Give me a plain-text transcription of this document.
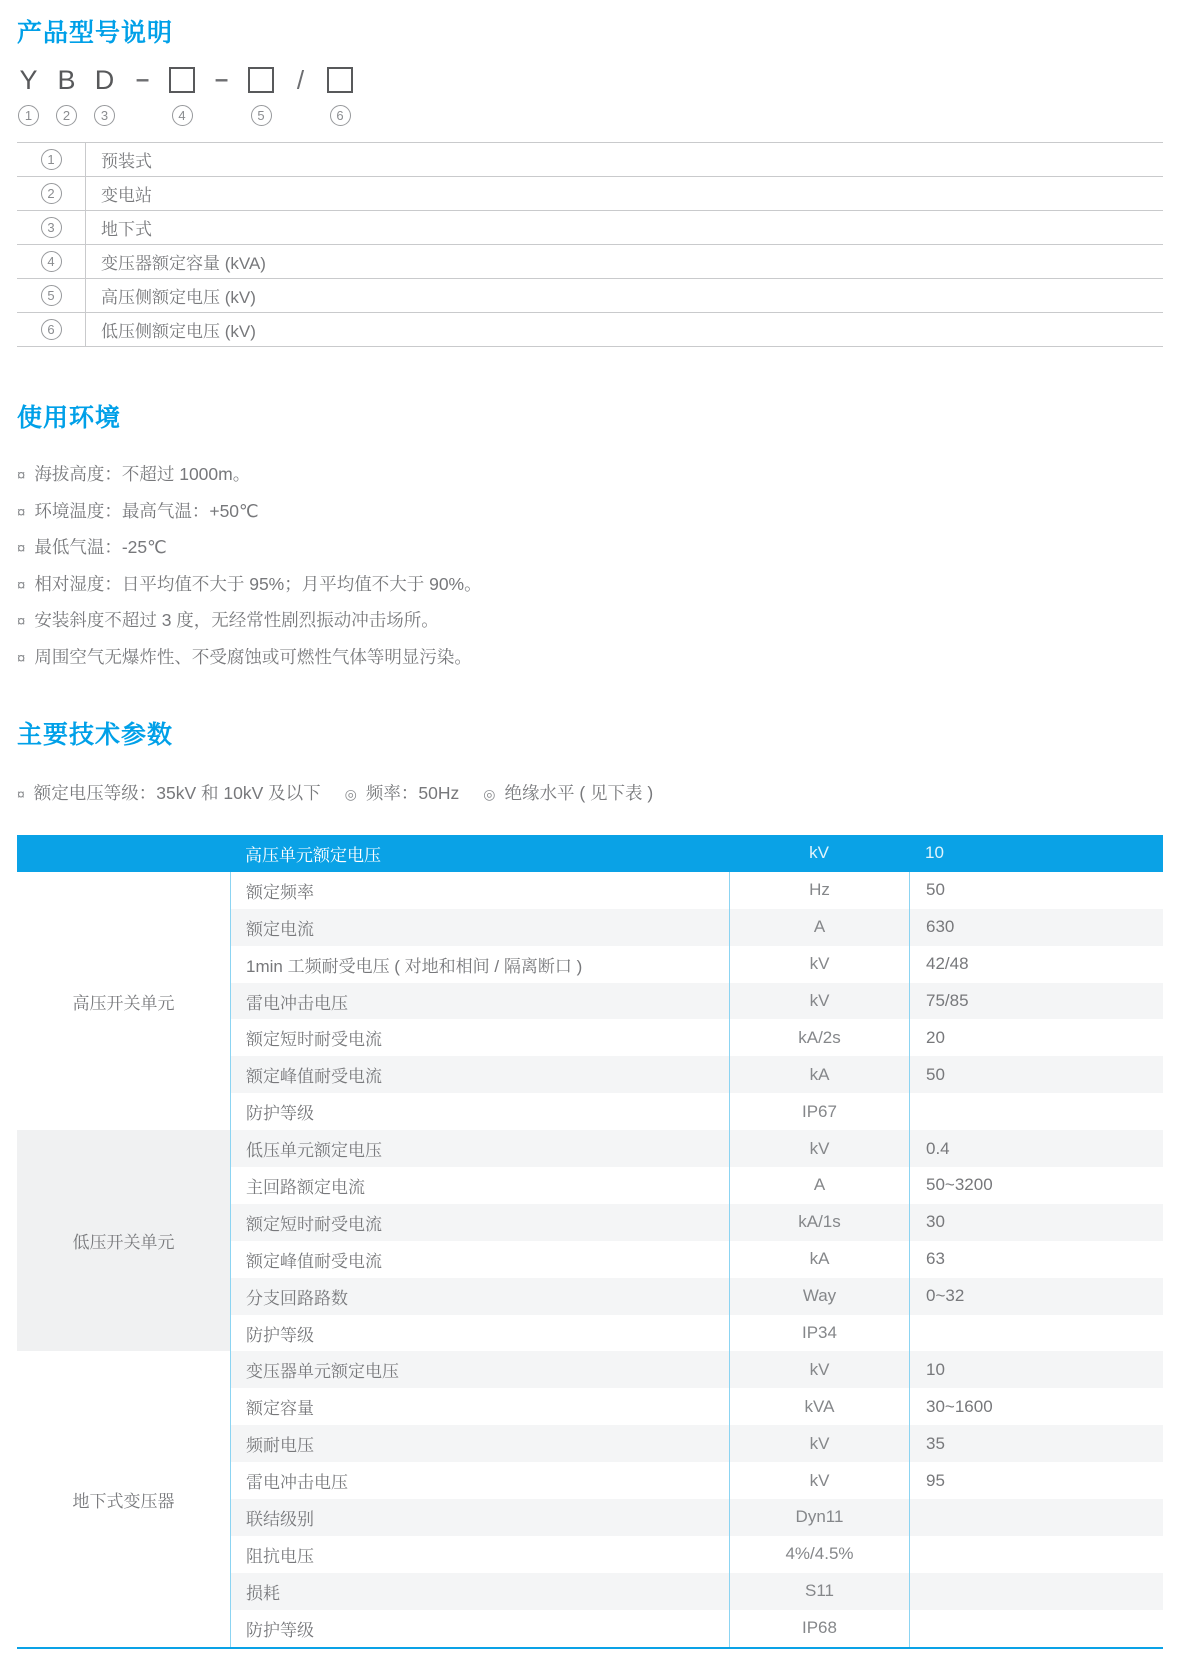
产品型号说明
Y
1
B
2
D
3
–
4
–
5
/
6
1	预装式
2	变电站
3	地下式
4	变压器额定容量 (kVA)
5	高压侧额定电压 (kV)
6	低压侧额定电压 (kV)
使用环境
¤ 海拔高度：不超过 1000m。
¤ 环境温度：最高气温：+50℃
¤ 最低气温：-25℃
¤ 相对湿度：日平均值不大于 95%；月平均值不大于 90%。
¤ 安装斜度不超过 3 度，无经常性剧烈振动冲击场所。
¤ 周围空气无爆炸性、不受腐蚀或可燃性气体等明显污染。
主要技术参数
¤ 额定电压等级：35kV 和 10kV 及以下 ◎ 频率：50Hz ◎ 绝缘水平 ( 见下表 )
高压单元额定电压	kV	10
高压开关单元
额定频率	Hz	50
额定电流	A	630
1min 工频耐受电压 ( 对地和相间 / 隔离断口 )	kV	42/48
雷电冲击电压	kV	75/85
额定短时耐受电流	kA/2s	20
额定峰值耐受电流	kA	50
防护等级	IP67
低压开关单元
低压单元额定电压	kV	0.4
主回路额定电流	A	50~3200
额定短时耐受电流	kA/1s	30
额定峰值耐受电流	kA	63
分支回路路数	Way	0~32
防护等级	IP34
地下式变压器
变压器单元额定电压	kV	10
额定容量	kVA	30~1600
频耐电压	kV	35
雷电冲击电压	kV	95
联结级别	Dyn11
阻抗电压	4%/4.5%
损耗	S11
防护等级	IP68
